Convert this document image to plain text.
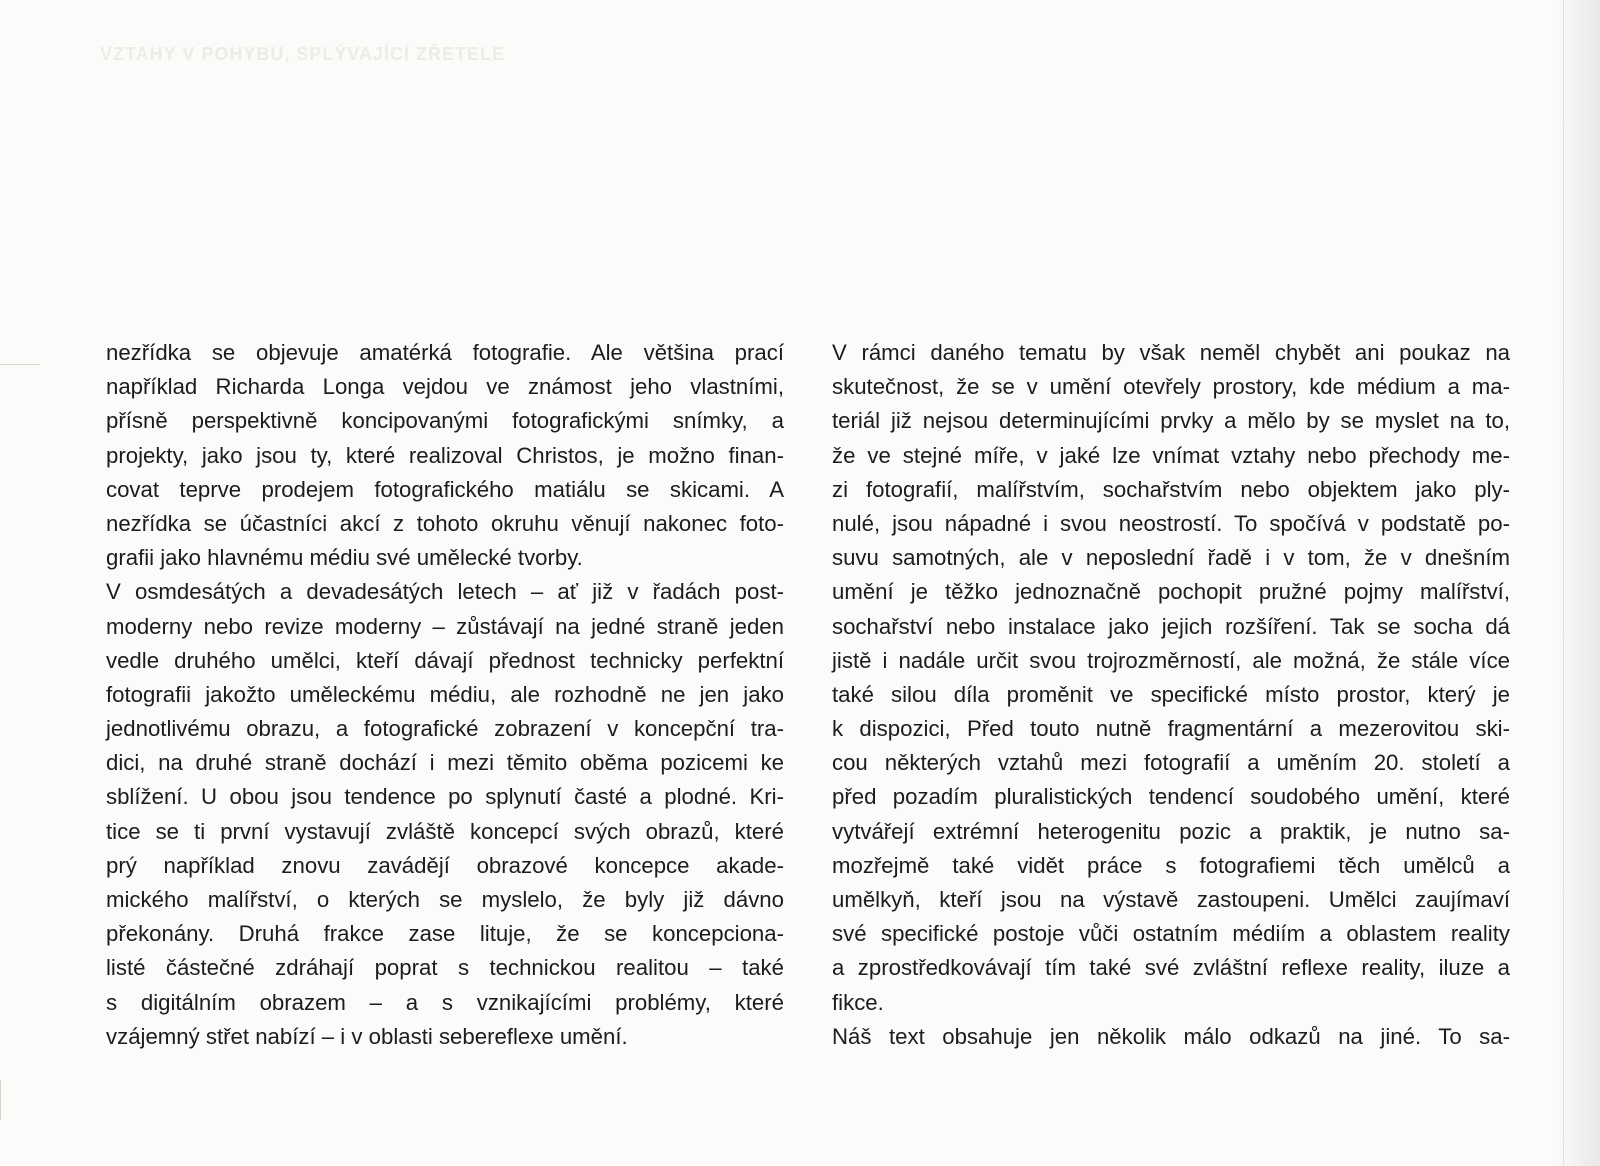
VZTAHY V POHYBU, SPLÝVAJÍCÍ ZŘETELE
nezřídka se objevuje amatérká fotografie. Ale většina prací
například Richarda Longa vejdou ve známost jeho vlastními,
přísně perspektivně koncipovanými fotografickými snímky, a
projekty, jako jsou ty, které realizoval Christos, je možno finan-
covat teprve prodejem fotografického matiálu se skicami. A
nezřídka se účastníci akcí z tohoto okruhu věnují nakonec foto-
grafii jako hlavnému médiu své umělecké tvorby.
V osmdesátých a devadesátých letech – ať již v řadách post-
moderny nebo revize moderny – zůstávají na jedné straně jeden
vedle druhého umělci, kteří dávají přednost technicky perfektní
fotografii jakožto uměleckému médiu, ale rozhodně ne jen jako
jednotlivému obrazu, a fotografické zobrazení v koncepční tra-
dici, na druhé straně dochází i mezi těmito oběma pozicemi ke
sblížení. U obou jsou tendence po splynutí časté a plodné. Kri-
tice se ti první vystavují zvláště koncepcí svých obrazů, které
prý například znovu zavádějí obrazové koncepce akade-
mického malířství, o kterých se myslelo, že byly již dávno
překonány. Druhá frakce zase lituje, že se koncepciona-
listé částečné zdráhají poprat s technickou realitou – také
s digitálním obrazem – a s vznikajícími problémy, které
vzájemný střet nabízí – i v oblasti sebereflexe umění.
V rámci daného tematu by však neměl chybět ani poukaz na
skutečnost, že se v umění otevřely prostory, kde médium a ma-
teriál již nejsou determinujícími prvky a mělo by se myslet na to,
že ve stejné míře, v jaké lze vnímat vztahy nebo přechody me-
zi fotografií, malířstvím, sochařstvím nebo objektem jako ply-
nulé, jsou nápadné i svou neostrostí. To spočívá v podstatě po-
suvu samotných, ale v neposlední řadě i v tom, že v dnešním
umění je těžko jednoznačně pochopit pružné pojmy malířství,
sochařství nebo instalace jako jejich rozšíření. Tak se socha dá
jistě i nadále určit svou trojrozměrností, ale možná, že stále více
také silou díla proměnit ve specifické místo prostor, který je
k dispozici, Před touto nutně fragmentární a mezerovitou ski-
cou některých vztahů mezi fotografií a uměním 20. století a
před pozadím pluralistických tendencí soudobého umění, které
vytvářejí extrémní heterogenitu pozic a praktik, je nutno sa-
mozřejmě také vidět práce s fotografiemi těch umělců a
umělkyň, kteří jsou na výstavě zastoupeni. Umělci zaujímaví
své specifické postoje vůči ostatním médiím a oblastem reality
a zprostředkovávají tím také své zvláštní reflexe reality, iluze a
fikce.
Náš text obsahuje jen několik málo odkazů na jiné. To sa-
